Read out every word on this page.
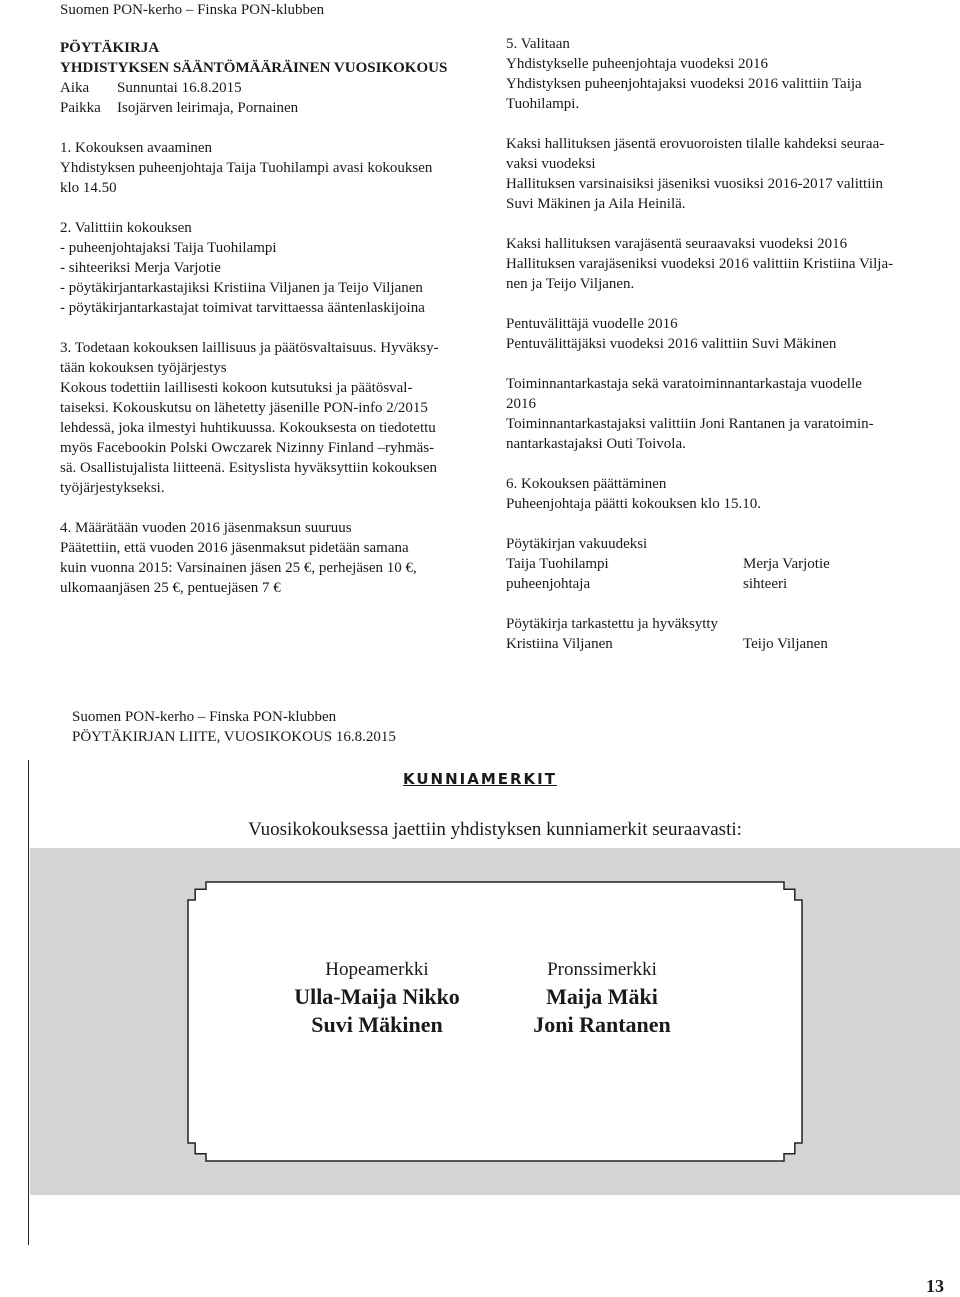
Suomen PON-kerho – Finska PON-klubben
PÖYTÄKIRJA
YHDISTYKSEN SÄÄNTÖMÄÄRÄINEN VUOSIKOKOUS
Aika Sunnuntai 16.8.2015
Paikka Isojärven leirimaja, Pornainen
1. Kokouksen avaaminen
Yhdistyksen puheenjohtaja Taija Tuohilampi avasi kokouksen
klo 14.50
2. Valittiin kokouksen
- puheenjohtajaksi Taija Tuohilampi
- sihteeriksi Merja Varjotie
- pöytäkirjantarkastajiksi Kristiina Viljanen ja Teijo Viljanen
- pöytäkirjantarkastajat toimivat tarvittaessa ääntenlaskijoina
3. Todetaan kokouksen laillisuus ja päätösvaltaisuus. Hyväksy-
tään kokouksen työjärjestys
Kokous todettiin laillisesti kokoon kutsutuksi ja päätösval-
taiseksi. Kokouskutsu on lähetetty jäsenille PON-info 2/2015
lehdessä, joka ilmestyi huhtikuussa. Kokouksesta on tiedotettu
myös Facebookin Polski Owczarek Nizinny Finland –ryhmäs-
sä. Osallistujalista liitteenä. Esityslista hyväksyttiin kokouksen
työjärjestykseksi.
4. Määrätään vuoden 2016 jäsenmaksun suuruus
Päätettiin, että vuoden 2016 jäsenmaksut pidetään samana
kuin vuonna 2015: Varsinainen jäsen 25 €, perhejäsen 10 €,
ulkomaanjäsen 25 €, pentuejäsen 7 €
5. Valitaan
Yhdistykselle puheenjohtaja vuodeksi 2016
Yhdistyksen puheenjohtajaksi vuodeksi 2016 valittiin Taija
Tuohilampi.
Kaksi hallituksen jäsentä erovuoroisten tilalle kahdeksi seuraa-
vaksi vuodeksi
Hallituksen varsinaisiksi jäseniksi vuosiksi 2016-2017 valittiin
Suvi Mäkinen ja Aila Heinilä.
Kaksi hallituksen varajäsentä seuraavaksi vuodeksi 2016
Hallituksen varajäseniksi vuodeksi 2016 valittiin Kristiina Vilja-
nen ja Teijo Viljanen.
Pentuvälittäjä vuodelle 2016
Pentuvälittäjäksi vuodeksi 2016 valittiin Suvi Mäkinen
Toiminnantarkastaja sekä varatoiminnantarkastaja vuodelle
2016
Toiminnantarkastajaksi valittiin Joni Rantanen ja varatoimin-
nantarkastajaksi Outi Toivola.
6. Kokouksen päättäminen
Puheenjohtaja päätti kokouksen klo 15.10.
Pöytäkirjan vakuudeksi
Taija Tuohilampi	Merja Varjotie
puheenjohtaja	sihteeri
Pöytäkirja tarkastettu ja hyväksytty
Kristiina Viljanen	Teijo Viljanen
Suomen PON-kerho – Finska PON-klubben
PÖYTÄKIRJAN LIITE, VUOSIKOKOUS 16.8.2015
KUNNIAMERKIT
Vuosikokouksessa jaettiin yhdistyksen kunniamerkit seuraavasti:
Hopeamerkki
Ulla-Maija Nikko
Suvi Mäkinen
Pronssimerkki
Maija Mäki
Joni Rantanen
13
